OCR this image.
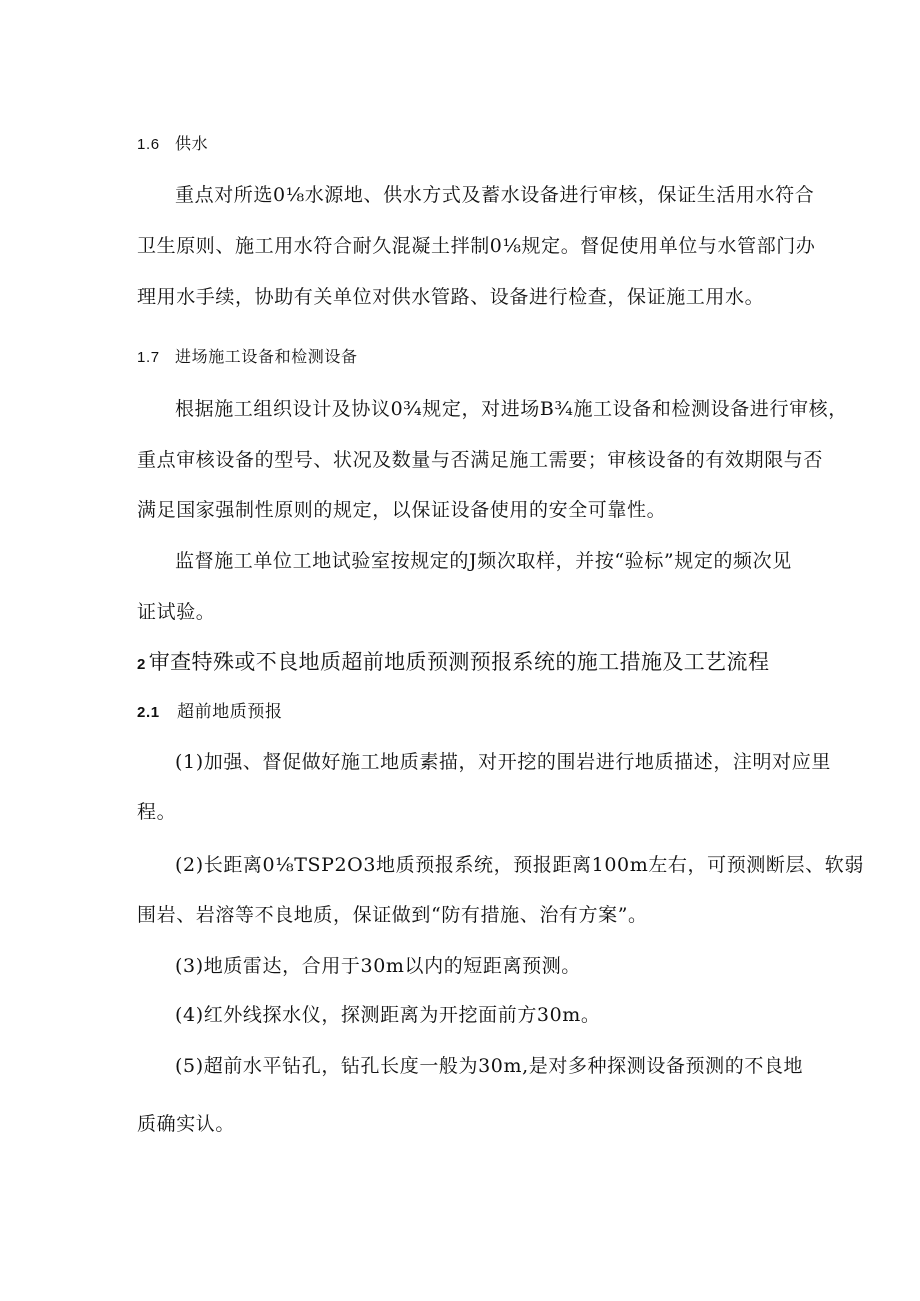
1.6 供水

重点对所选0⅛水源地、供水方式及蓄水设备进行审核，保证生活用水符合

卫生原则、施工用水符合耐久混凝土拌制0⅛规定。督促使用单位与水管部门办

理用水手续，协助有关单位对供水管路、设备进行检查，保证施工用水。

1.7 进场施工设备和检测设备

根据施工组织设计及协议0¾规定，对进场B¾施工设备和检测设备进行审核，

重点审核设备的型号、状况及数量与否满足施工需要；审核设备的有效期限与否

满足国家强制性原则的规定，以保证设备使用的安全可靠性。

监督施工单位工地试验室按规定的J频次取样，并按“验标”规定的频次见

证试验。

2 审查特殊或不良地质超前地质预测预报系统的施工措施及工艺流程
2.1 超前地质预报

(1)加强、督促做好施工地质素描，对开挖的围岩进行地质描述，注明对应里

程。

(2)长距离0⅛TSP2O3地质预报系统，预报距离100m左右，可预测断层、软弱

围岩、岩溶等不良地质，保证做到“防有措施、治有方案”。

(3)地质雷达，合用于30m以内的短距离预测。

(4)红外线探水仪，探测距离为开挖面前方30m。

(5)超前水平钻孔，钻孔长度一般为30m,是对多种探测设备预测的不良地

质确实认。
